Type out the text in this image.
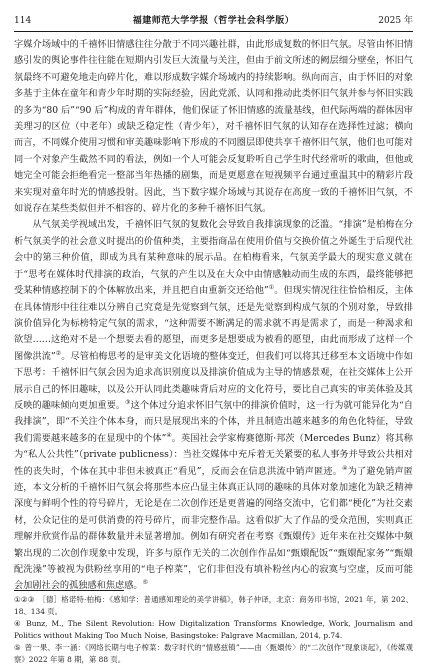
114	福建师范大学学报（哲学社会科学版）	2025 年

字媒介场域中的千禧怀旧情感往往分散于不同兴趣社群，由此形成复数的怀旧气氛。尽管由怀旧情感引发的舆论事件往往能在短期内引发巨大流量与关注，但由于前文所述的阙层细分壁垒，怀旧气氛最终不可避免地走向碎片化，难以形成数字媒介场域内的持续影响。纵向而言，由于怀旧的对象多基于主体在童年和青少年时期的实际经验，因此党派、认同和推动此类怀旧气氛并参与怀旧实践的多为“80 后”“90 后”构成的青年群体，他们保证了怀旧情感的流量基线，但代际两端的群体因审美理习的区位（中老年）或缺乏稳定性（青少年），对千禧怀旧气氛的认知存在选择性过滤；横向而言，不同媒介使用习惯和审美趣味影响下形成的不同圈层即使共享千禧怀旧气氛，他们也可能对同一个对象产生截然不同的看法，例如一个人可能会反复聆听自己学生时代经常听的歌曲，但他或她完全可能会拒绝看完一整部当年热播的剧集，而是更愿意在短视频平台通过重温其中的精彩片段来实现对童年时光的情感投射。因此，当下数字媒介场域与其说存在高度一致的千禧怀旧气氛，不如说存在某些类似但并不相容的、碎片化的多种千禧怀旧气氛。

从气氛美学视域出发，千禧怀旧气氛的复数化会导致自我排演现象的泛滥。“排演”是柏梅在分析气氛美学的社会意义时提出的价值种类，主要指商品在使用价值与交换价值之外诞生于后现代社会中的第三种价值，即成为具有某种意味的展示品。在柏梅看来，气氛美学最大的现实意义就在于“思考在媒体时代排演的政治，气氛的产生以及在大众中由情感触动而生成的东西，最终能够把受某种情感控制下的个体解放出来，并且把自由重新交还给他”①。但现实情况往往恰恰相反，主体在具体情形中往往难以分辨自己究竟是先觉察到气氛，还是先觉察到构成气氛的个别对象，导致排演价值异化为标榜特定气氛的需求，“这种需要不断满足的需求就不再是需求了，而是一种渴求和欲望……这绝对不是一个想要去看的愿望，而更多是想要成为被看的愿望，由此而形成了这样一个图像洪流”②。尽管柏梅思考的是审美文化语境的整体变迁，但我们可以将其迁移至本文语境中作如下思考：千禧怀旧气氛会因为追求高识别度以及排演价值成为主导的情感景观，在社交媒体上公开展示自己的怀旧趣味，以及公开认同此类趣味背后对应的文化符号，要比自己真实的审美体验及其反映的趣味倾向更加重要。③这个体过分追求怀旧气氛中的排演价值时，这一行为就可能异化为“自我排演”，即“不关注个体本身，而只是展现出来的个体，并且制造出越来越多的角色化特征，导致我们需要越来越多的在显现中的个体”④。英国社会学家梅赛德斯·邦茨（Mercedes Bunz）将其称为“私人公共性”（private publicness）：当社交媒体中充斥着无关紧要的私人事务并导致公共相对性的丧失时，个体在其中非但未被真正“看见”，反而会在信息洪流中销声匿迹。④为了避免销声匿迹，本文分析的千禧怀旧气氛会将那些本应凸显主体真正认同的趣味的具体对象加速化为缺乏精神深度与鲜明个性的符号碎片，无论是在二次创作还是更普遍的网络交流中，它们都“梗化”为社交素材，公众记住的是可供消费的符号碎片，而非完整作品。这看似扩大了作品的受众范围，实则真正理解并欣赏作品的群体数量并未显著增加。例如有研究者在考察《甄嬛传》近年来在社交媒体中频繁出现的二次创作现象中发现，许多与原作无关的二次创作作品如“甄嬛配饭”“甄嬛配家务”“甄嬛配洗澡”等被视为供粉丝享用的“电子榨菜”，它们非但没有填补粉丝内心的寂寞与空虚，反而可能会加剧社会的孤独感和焦虑感。⑤

①②③ ［德］格诺特·柏梅：《感知学：普通感知理论的美学讲稿》，韩子仲译，北京：商务印书馆，2021 年，第 202、18、134 页。

④ Bunz, M., The Silent Revolution: How Digitalization Transforms Knowledge, Work, Journalism and Politics without Making Too Much Noise, Basingstoke: Palgrave Macmillan, 2014, p.74.

⑤ 曾一果、李一涵：《网络长期与电子榨菜：数字时代的“情感兹镇”——由〈甄嬛传〉的“二次创作”现象谈起》，《传媒观察》2022 年第 8 期，第 88 页。
